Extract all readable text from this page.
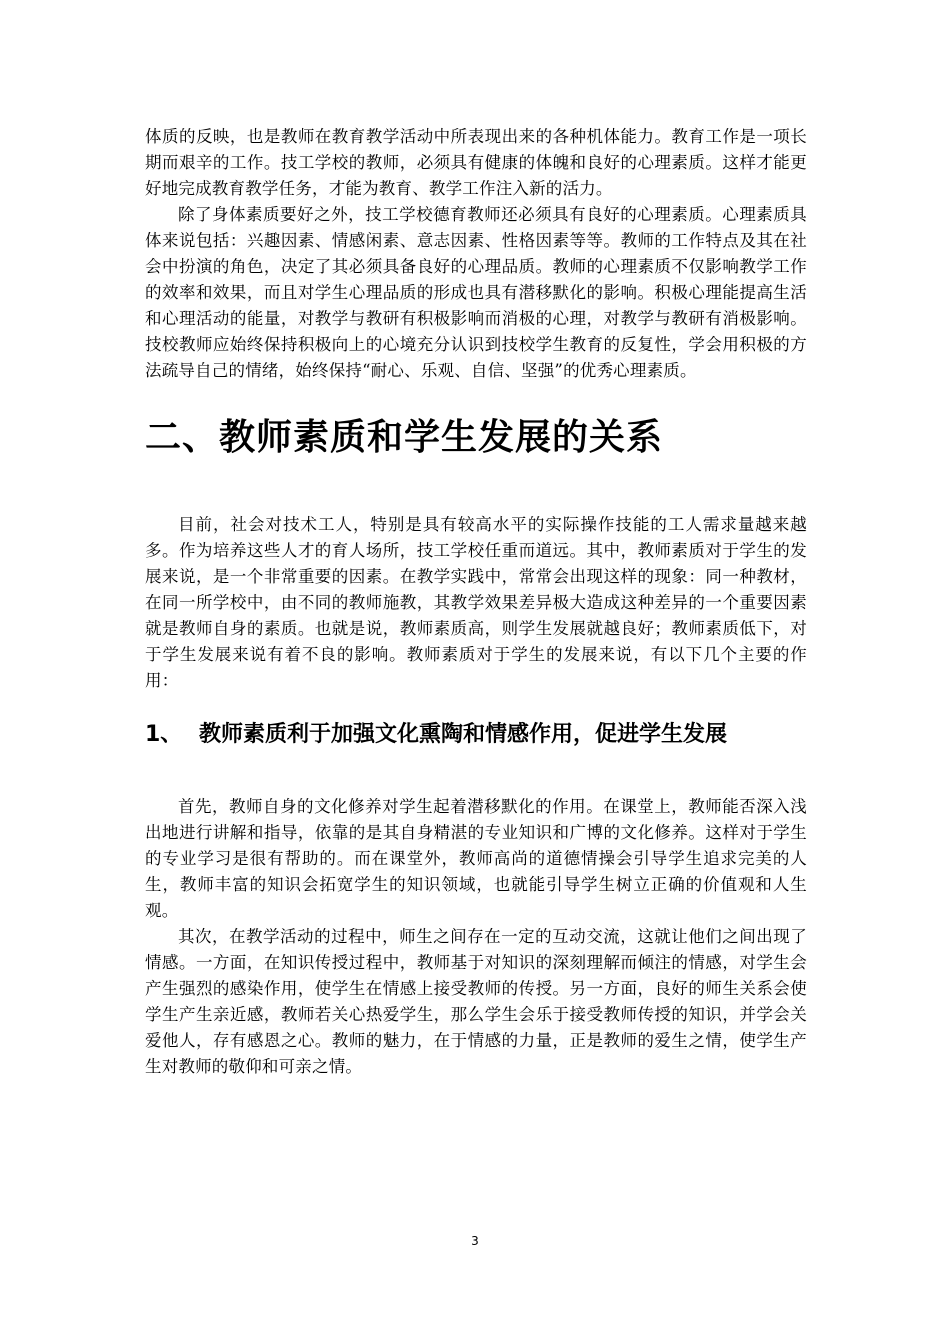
体质的反映，也是教师在教育教学活动中所表现出来的各种机体能力。教育工作是一项长期而艰辛的工作。技工学校的教师，必须具有健康的体魄和良好的心理素质。这样才能更好地完成教育教学任务，才能为教育、教学工作注入新的活力。

除了身体素质要好之外，技工学校德育教师还必须具有良好的心理素质。心理素质具体来说包括：兴趣因素、情感闲素、意志因素、性格因素等等。教师的工作特点及其在社会中扮演的角色，决定了其必须具备良好的心理品质。教师的心理素质不仅影响教学工作的效率和效果，而且对学生心理品质的形成也具有潜移默化的影响。积极心理能提高生活和心理活动的能量，对教学与教研有积极影响而消极的心理，对教学与教研有消极影响。技校教师应始终保持积极向上的心境充分认识到技校学生教育的反复性，学会用积极的方法疏导自己的情绪，始终保持“耐心、乐观、自信、坚强”的优秀心理素质。

二、教师素质和学生发展的关系

目前，社会对技术工人，特别是具有较高水平的实际操作技能的工人需求量越来越多。作为培养这些人才的育人场所，技工学校任重而道远。其中，教师素质对于学生的发展来说，是一个非常重要的因素。在教学实践中，常常会出现这样的现象：同一种教材，在同一所学校中，由不同的教师施教，其教学效果差异极大造成这种差异的一个重要因素就是教师自身的素质。也就是说，教师素质高，则学生发展就越良好；教师素质低下，对于学生发展来说有着不良的影响。教师素质对于学生的发展来说，有以下几个主要的作用：

1、 教师素质利于加强文化熏陶和情感作用，促进学生发展

首先，教师自身的文化修养对学生起着潜移默化的作用。在课堂上，教师能否深入浅出地进行讲解和指导，依靠的是其自身精湛的专业知识和广博的文化修养。这样对于学生的专业学习是很有帮助的。而在课堂外，教师高尚的道德情操会引导学生追求完美的人生，教师丰富的知识会拓宽学生的知识领域，也就能引导学生树立正确的价值观和人生观。

其次，在教学活动的过程中，师生之间存在一定的互动交流，这就让他们之间出现了情感。一方面，在知识传授过程中，教师基于对知识的深刻理解而倾注的情感，对学生会产生强烈的感染作用，使学生在情感上接受教师的传授。另一方面，良好的师生关系会使学生产生亲近感，教师若关心热爱学生，那么学生会乐于接受教师传授的知识，并学会关爱他人，存有感恩之心。教师的魅力，在于情感的力量，正是教师的爱生之情，使学生产生对教师的敬仰和可亲之情。

3
